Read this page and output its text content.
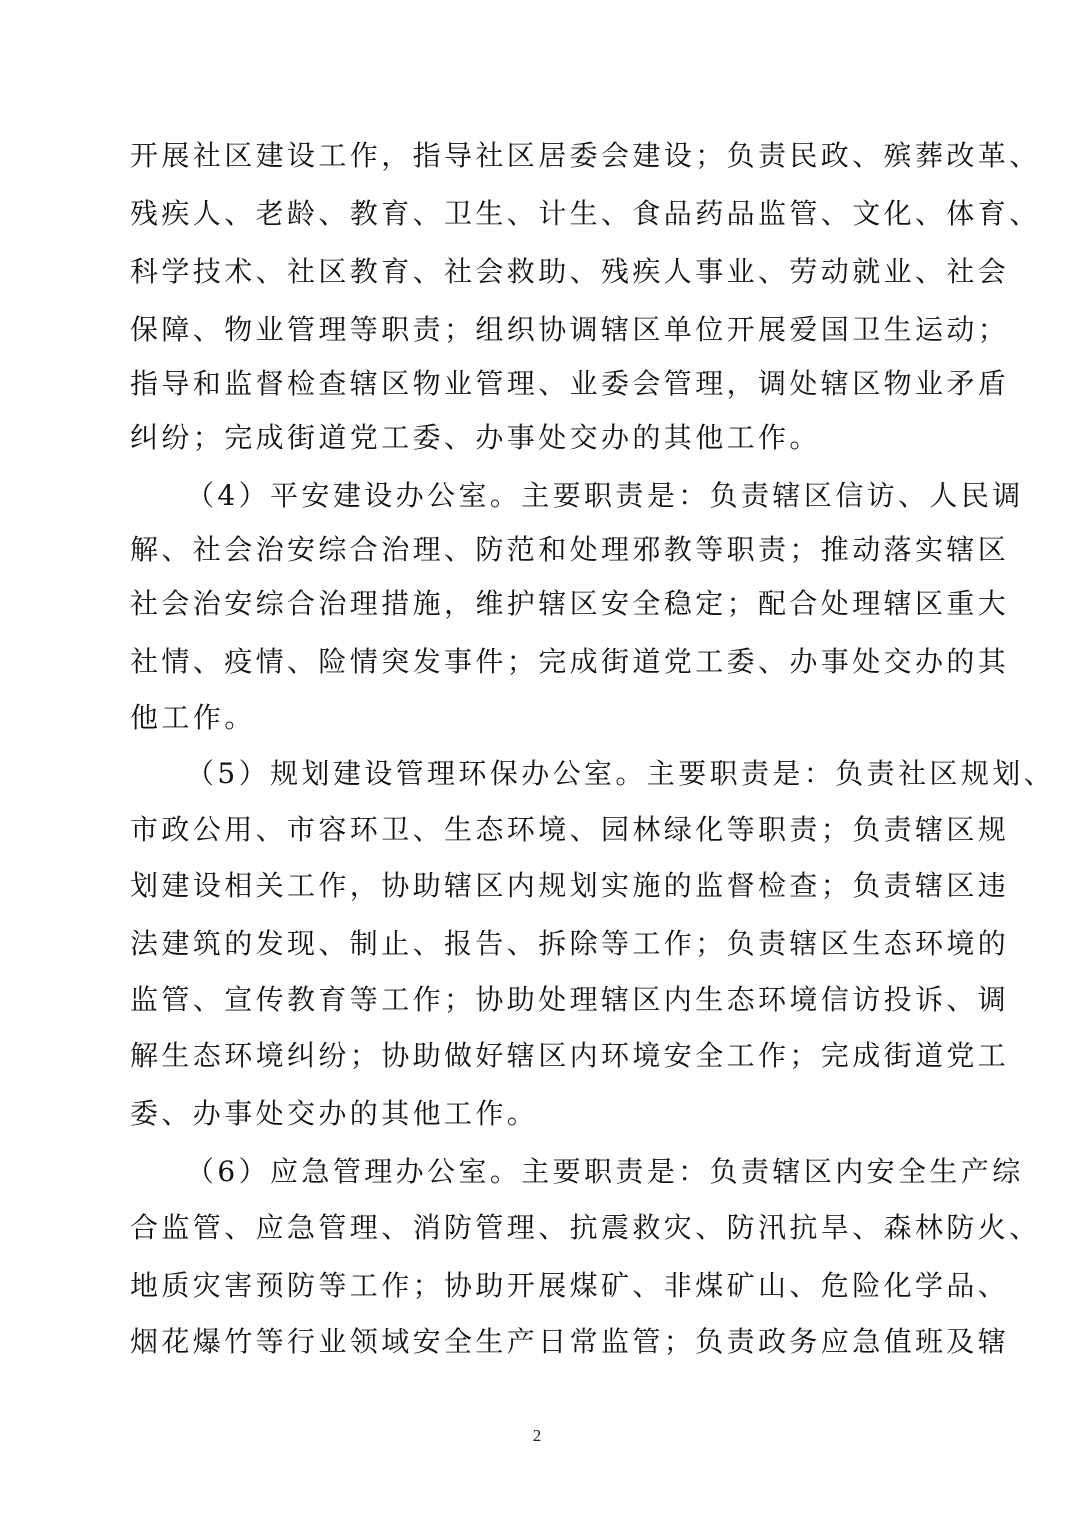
开展社区建设工作，指导社区居委会建设；负责民政、殡葬改革、
残疾人、老龄、教育、卫生、计生、食品药品监管、文化、体育、
科学技术、社区教育、社会救助、残疾人事业、劳动就业、社会
保障、物业管理等职责；组织协调辖区单位开展爱国卫生运动；
指导和监督检查辖区物业管理、业委会管理，调处辖区物业矛盾
纠纷；完成街道党工委、办事处交办的其他工作。
（4）平安建设办公室。主要职责是：负责辖区信访、人民调
解、社会治安综合治理、防范和处理邪教等职责；推动落实辖区
社会治安综合治理措施，维护辖区安全稳定；配合处理辖区重大
社情、疫情、险情突发事件；完成街道党工委、办事处交办的其
他工作。
（5）规划建设管理环保办公室。主要职责是：负责社区规划、
市政公用、市容环卫、生态环境、园林绿化等职责；负责辖区规
划建设相关工作，协助辖区内规划实施的监督检查；负责辖区违
法建筑的发现、制止、报告、拆除等工作；负责辖区生态环境的
监管、宣传教育等工作；协助处理辖区内生态环境信访投诉、调
解生态环境纠纷；协助做好辖区内环境安全工作；完成街道党工
委、办事处交办的其他工作。
（6）应急管理办公室。主要职责是：负责辖区内安全生产综
合监管、应急管理、消防管理、抗震救灾、防汛抗旱、森林防火、
地质灾害预防等工作；协助开展煤矿、非煤矿山、危险化学品、
烟花爆竹等行业领域安全生产日常监管；负责政务应急值班及辖
2
